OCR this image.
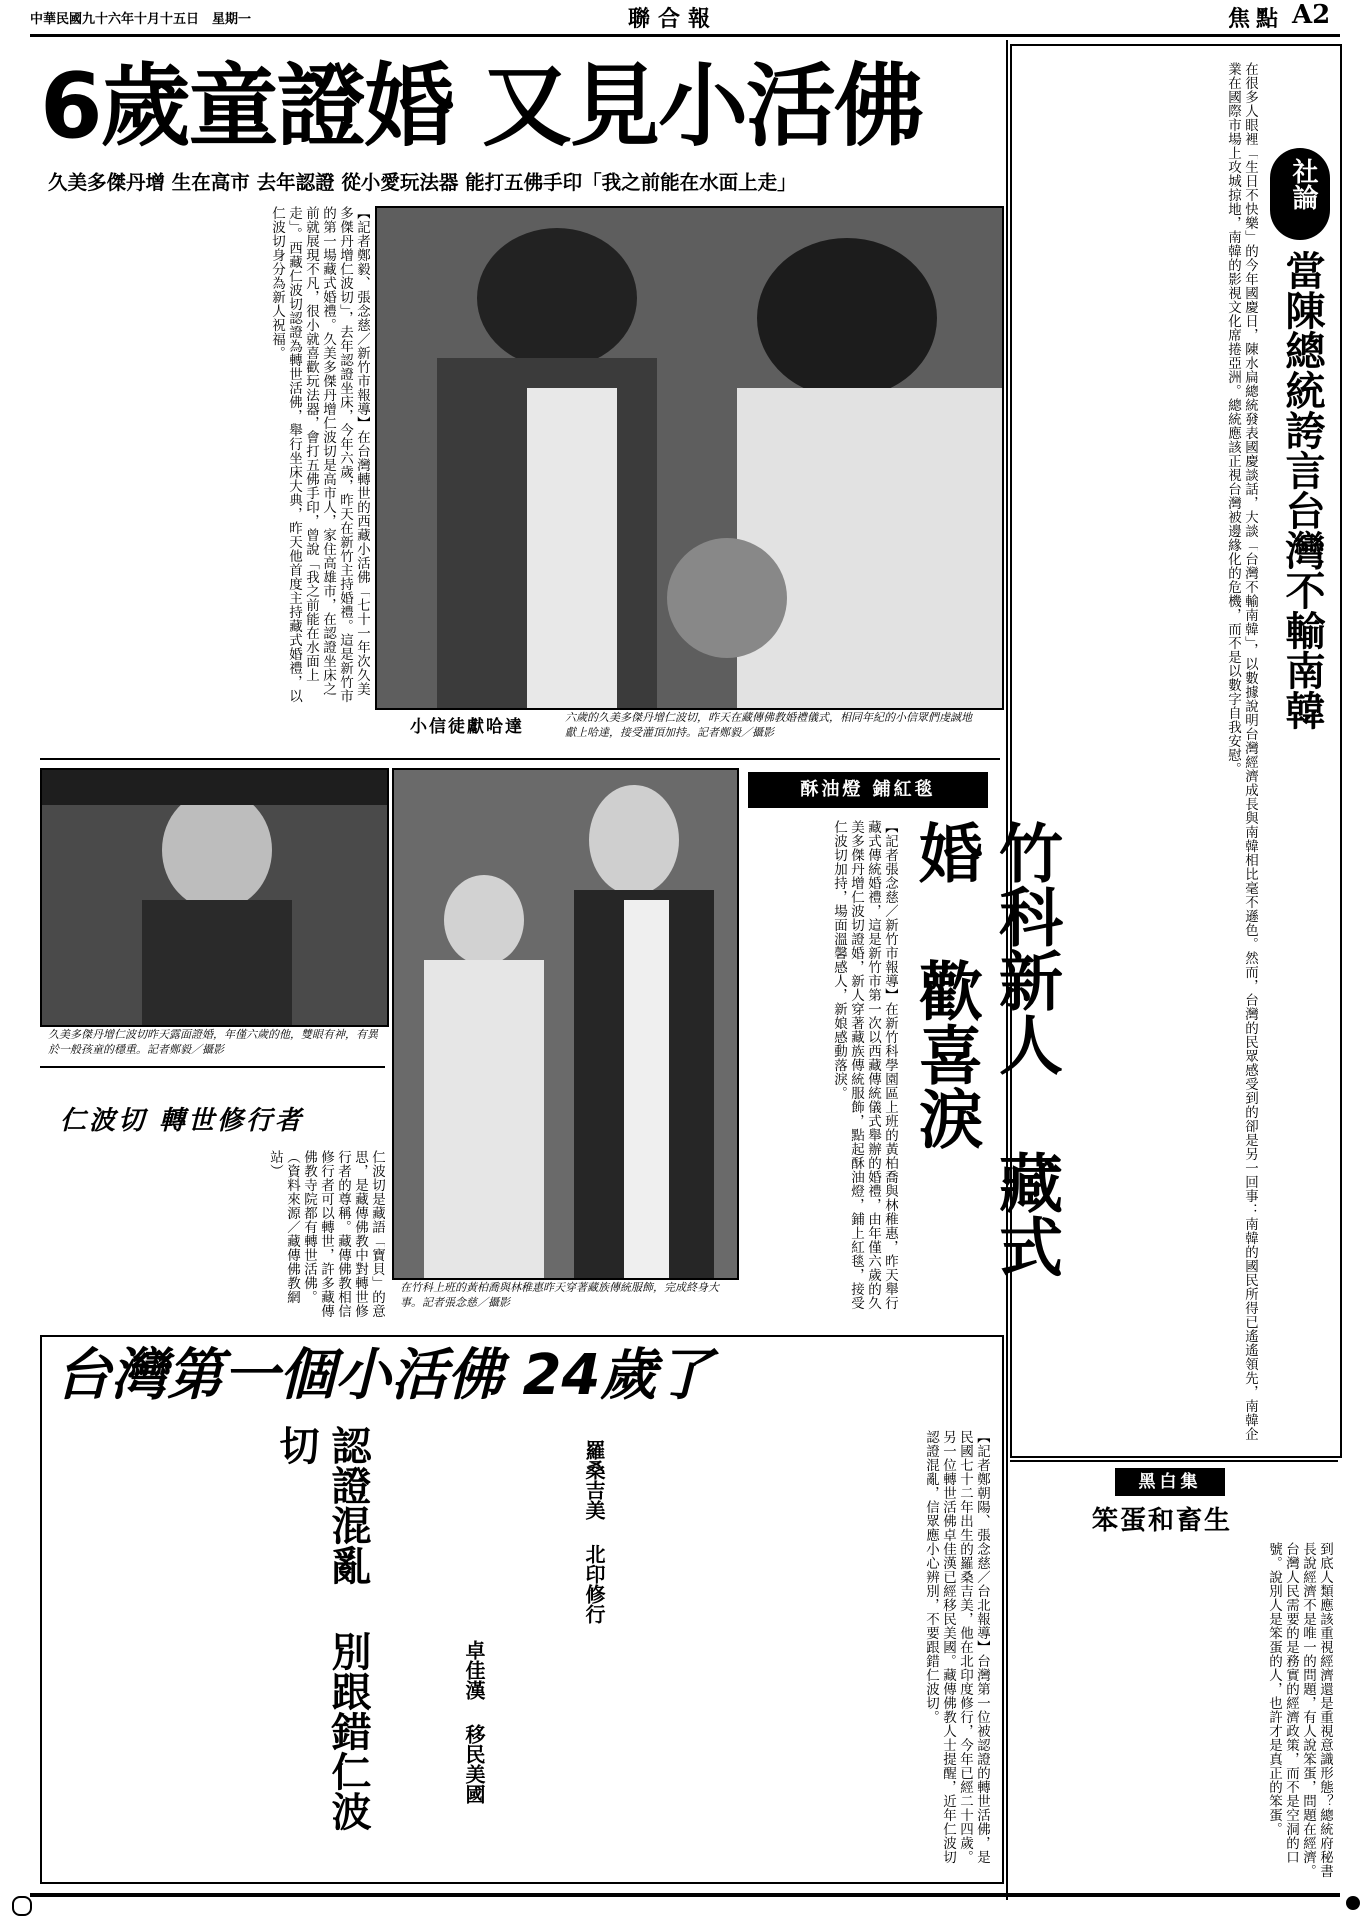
中華民國九十六年十月十五日　星期一	聯合報	焦點 A2
6歲童證婚 又見小活佛
久美多傑丹增 生在高市 去年認證 從小愛玩法器 能打五佛手印「我之前能在水面上走」
【記者鄭毅、張念慈／新竹市報導】在台灣轉世的西藏小活佛「七十一年次久美多傑丹增仁波切」，去年認證坐床，今年六歲，昨天在新竹主持婚禮。這是新竹市的第一場藏式婚禮。久美多傑丹增仁波切是高市人，家住高雄市，在認證坐床之前就展現不凡，很小就喜歡玩法器，會打五佛手印，曾說「我之前能在水面上走」。西藏仁波切認證為轉世活佛，舉行坐床大典，昨天他首度主持藏式婚禮，以仁波切身分為新人祝福。
小信徒獻哈達	六歲的久美多傑丹增仁波切，昨天在藏傳佛教婚禮儀式，相同年紀的小信眾們虔誠地獻上哈達，接受灌頂加持。記者鄭毅／攝影
久美多傑丹增仁波切昨天露面證婚，年僅六歲的他，雙眼有神，有異於一般孩童的穩重。記者鄭毅／攝影
仁波切 轉世修行者
仁波切是藏語「寶貝」的意思，是藏傳佛教中對轉世修行者的尊稱。藏傳佛教相信修行者可以轉世，許多藏傳佛教寺院都有轉世活佛。（資料來源／藏傳佛教網站）
在竹科上班的黃柏喬與林稚惠昨天穿著藏族傳統服飾，完成終身大事。記者張念慈／攝影
酥油燈 鋪紅毯
竹科新人 藏式婚 歡喜淚
【記者張念慈／新竹市報導】在新竹科學園區上班的黃柏喬與林稚惠，昨天舉行藏式傳統婚禮，這是新竹市第一次以西藏傳統儀式舉辦的婚禮，由年僅六歲的久美多傑丹增仁波切證婚，新人穿著藏族傳統服飾，點起酥油燈，鋪上紅毯，接受仁波切加持，場面溫馨感人，新娘感動落淚。
台灣第一個小活佛 24歲了
認證混亂 別跟錯仁波切	羅桑吉美 北印修行
卓佳漢 移民美國	【記者鄭朝陽、張念慈／台北報導】台灣第一位被認證的轉世活佛，是民國七十二年出生的羅桑吉美，他在北印度修行，今年已經二十四歲。另一位轉世活佛卓佳漢已經移民美國。藏傳佛教人士提醒，近年仁波切認證混亂，信眾應小心辨別，不要跟錯仁波切。
社論
當陳總統誇言台灣不輸南韓
在很多人眼裡「生日不快樂」的今年國慶日，陳水扁總統發表國慶談話，大談「台灣不輸南韓」，以數據說明台灣經濟成長與南韓相比毫不遜色。然而，台灣的民眾感受到的卻是另一回事：南韓的國民所得已遙遙領先，南韓企業在國際市場上攻城掠地，南韓的影視文化席捲亞洲。總統應該正視台灣被邊緣化的危機，而不是以數字自我安慰。
黑白集
笨蛋和畜生
到底人類應該重視經濟還是重視意識形態？總統府秘書長說經濟不是唯一的問題，有人說笨蛋，問題在經濟。台灣人民需要的是務實的經濟政策，而不是空洞的口號。說別人是笨蛋的人，也許才是真正的笨蛋。
